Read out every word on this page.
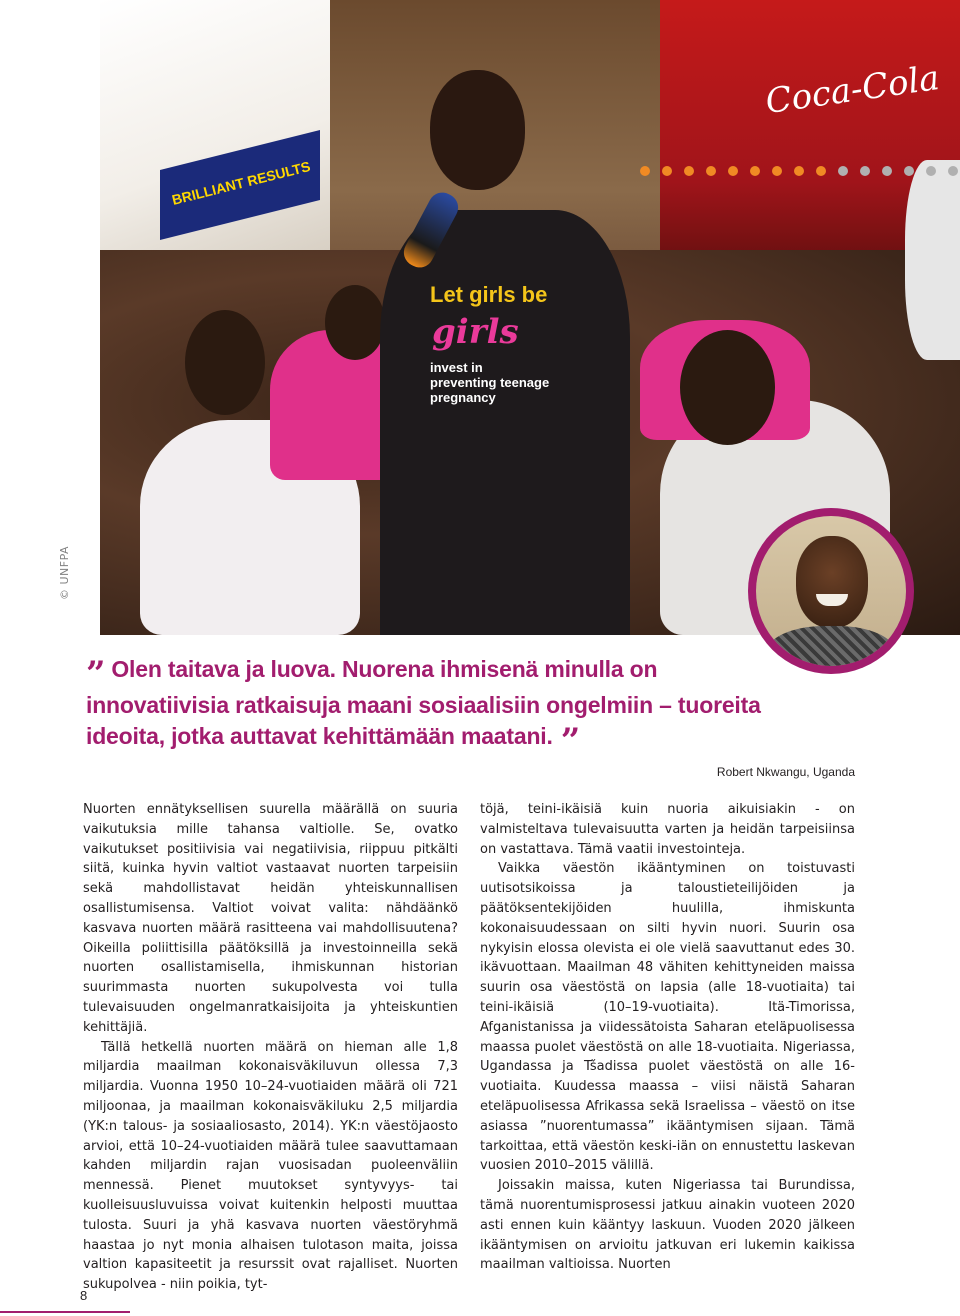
BRILLIANT RESULTS
Coca-Cola
Let girls be
girls
invest in preventing teenage pregnancy
© UNFPA
” Olen taitava ja luova. Nuorena ihmisenä minulla on innovatiivisia ratkaisuja maani sosiaalisiin ongelmiin – tuoreita ideoita, jotka auttavat kehittämään maatani. ”
Robert Nkwangu, Uganda

Nuorten ennätyksellisen suurella määrällä on suuria vaikutuksia mille tahansa valtiolle. Se, ovatko vaikutukset positiivisia vai negatiivisia, riippuu pitkälti siitä, kuinka hyvin valtiot vastaavat nuorten tarpeisiin sekä mahdollistavat heidän yhteiskunnallisen osallistumisensa. Valtiot voivat valita: nähdäänkö kasvava nuorten määrä rasitteena vai mahdollisuutena? Oikeilla poliittisilla päätöksillä ja investoinneilla sekä nuorten osallistamisella, ihmiskunnan historian suurimmasta nuorten sukupolvesta voi tulla tulevaisuuden ongelmanratkaisijoita ja yhteiskuntien kehittäjiä.

Tällä hetkellä nuorten määrä on hieman alle 1,8 miljardia maailman kokonaisväkiluvun ollessa 7,3 miljardia. Vuonna 1950 10–24-vuotiaiden määrä oli 721 miljoonaa, ja maailman kokonaisväkiluku 2,5 miljardia (YK:n talous- ja sosiaaliosasto, 2014). YK:n väestöjaosto arvioi, että 10–24-vuotiaiden määrä tulee saavuttamaan kahden miljardin rajan vuosisadan puoleenväliin mennessä. Pienet muutokset syntyvyys- tai kuolleisuusluvuissa voivat kuitenkin helposti muuttaa tulosta. Suuri ja yhä kasvava nuorten väestöryhmä haastaa jo nyt monia alhaisen tulotason maita, joissa valtion kapasiteetit ja resurssit ovat rajalliset. Nuorten sukupolvea - niin poikia, tyt-

töjä, teini-ikäisiä kuin nuoria aikuisiakin - on valmisteltava tulevaisuutta varten ja heidän tarpeisiinsa on vastattava. Tämä vaatii investointeja.

Vaikka väestön ikääntyminen on toistuvasti uutisotsikoissa ja taloustieteilijöiden ja päätöksentekijöiden huulilla, ihmiskunta kokonaisuudessaan on silti hyvin nuori. Suurin osa nykyisin elossa olevista ei ole vielä saavuttanut edes 30. ikävuottaan. Maailman 48 vähiten kehittyneiden maissa suurin osa väestöstä on lapsia (alle 18-vuotiaita) tai teini-ikäisiä (10–19-vuotiaita). Itä-Timorissa, Afganistanissa ja viidessätoista Saharan eteläpuolisessa maassa puolet väestöstä on alle 18-vuotiaita. Nigeriassa, Ugandassa ja Tšadissa puolet väestöstä on alle 16-vuotiaita. Kuudessa maassa – viisi näistä Saharan eteläpuolisessa Afrikassa sekä Israelissa – väestö on itse asiassa ”nuorentumassa” ikääntymisen sijaan. Tämä tarkoittaa, että väestön keski-iän on ennustettu laskevan vuosien 2010–2015 välillä.

Joissakin maissa, kuten Nigeriassa tai Burundissa, tämä nuorentumisprosessi jatkuu ainakin vuoteen 2020 asti ennen kuin kääntyy laskuun. Vuoden 2020 jälkeen ikääntymisen on arvioitu jatkuvan eri lukemin kaikissa maailman valtioissa. Nuorten

8
